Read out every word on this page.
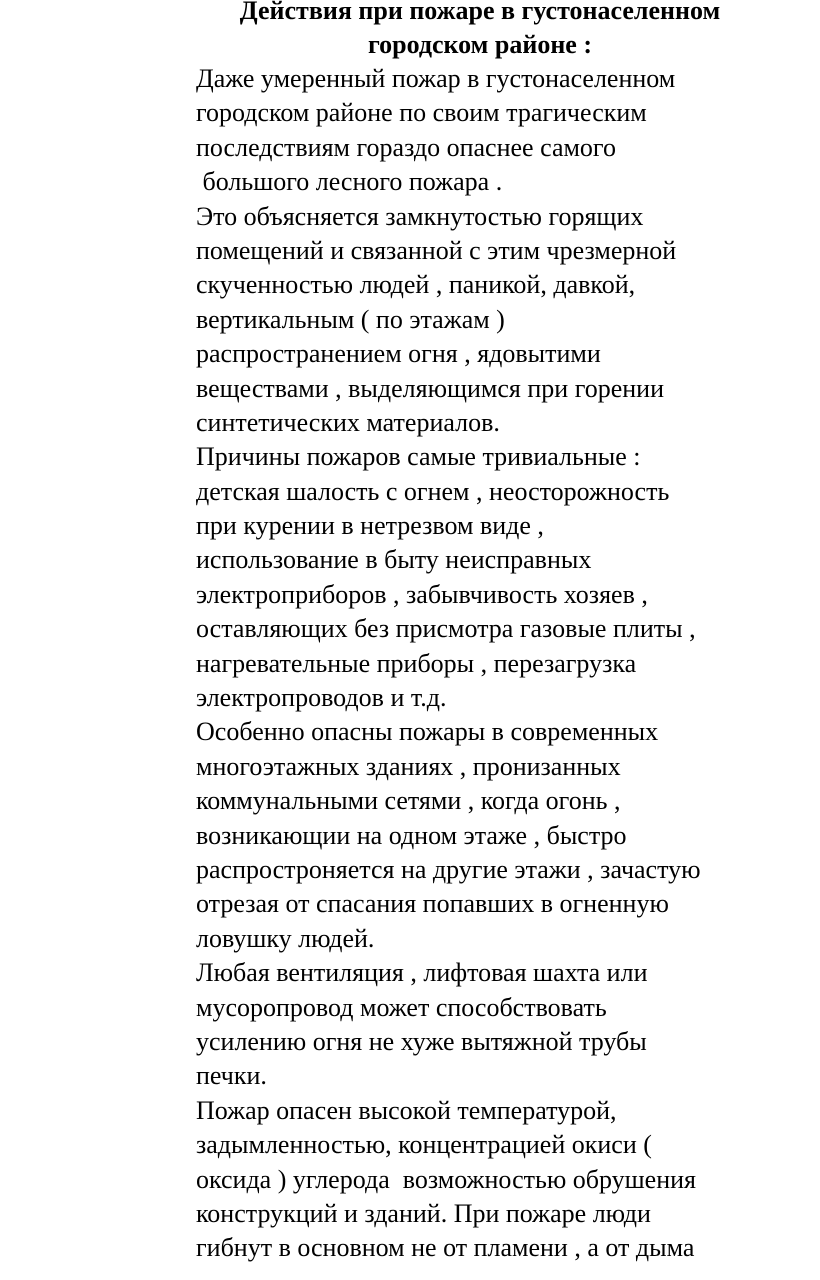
Действия при пожаре в густонаселенном
городском районе :
Даже умеренный пожар в густонаселенном
городском районе по своим трагическим
последствиям гораздо опаснее самого
большого лесного пожара .
Это объясняется замкнутостью горящих
помещений и связанной с этим чрезмерной
скученностью людей , паникой, давкой,
вертикальным ( по этажам )
распространением огня , ядовытими
веществами , выделяющимся при горении
синтетических материалов.
Причины пожаров самые тривиальные :
детская шалость с огнем , неосторожность
при курении в нетрезвом виде ,
использование в быту неисправных
электроприборов , забывчивость хозяев ,
оставляющих без присмотра газовые плиты ,
нагревательные приборы , перезагрузка
электропроводов и т.д.
Особенно опасны пожары в современных
многоэтажных зданиях , пронизанных
коммунальными сетями , когда огонь ,
возникающии на одном этаже , быстро
распростроняется на другие этажи , зачастую
отрезая от спасания попавших в огненную
ловушку людей.
Любая вентиляция , лифтовая шахта или
мусоропровод может способствовать
усилению огня не хуже вытяжной трубы
печки.
Пожар опасен высокой температурой,
задымленностью, концентрацией окиси (
оксида ) углерода  возможностью обрушения
конструкций и зданий. При пожаре люди
гибнут в основном не от пламени , а от дыма
